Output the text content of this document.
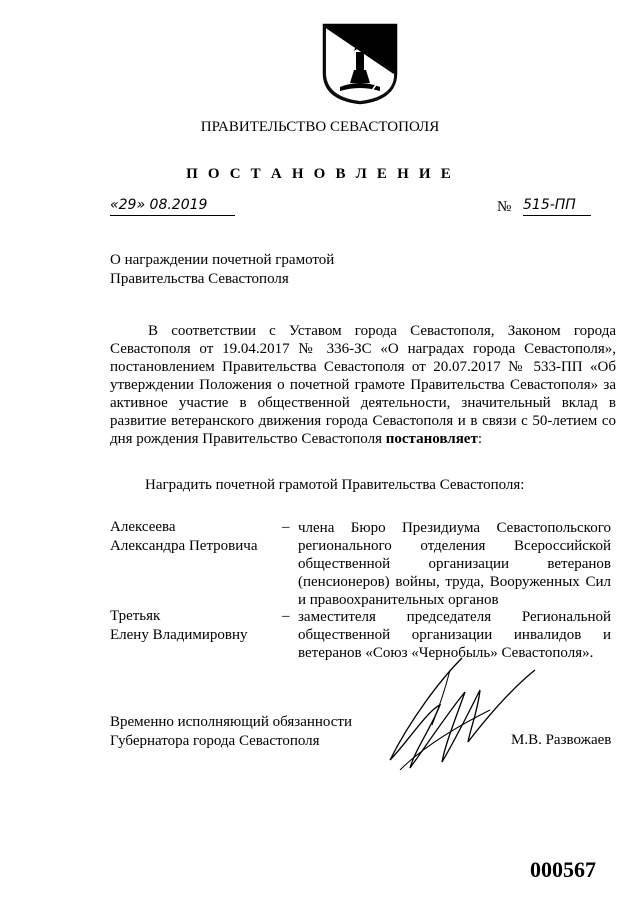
ПРАВИТЕЛЬСТВО СЕВАСТОПОЛЯ
П О С Т А Н О В Л Е Н И Е
«29» 08.2019	№ 515-ПП
О награждении почетной грамотой
Правительства Севастополя

В соответствии с Уставом города Севастополя, Законом города Севастополя от 19.04.2017 № 336-ЗС «О наградах города Севастополя», постановлением Правительства Севастополя от 20.07.2017 № 533-ПП «Об утверждении Положения о почетной грамоте Правительства Севастополя» за активное участие в общественной деятельности, значительный вклад в развитие ветеранского движения города Севастополя и в связи с 50-летием со дня рождения Правительство Севастополя постановляет:

Наградить почетной грамотой Правительства Севастополя:
Алексеева
Александра Петровича
– члена Бюро Президиума Севастопольского регионального отделения Всероссийской общественной организации ветеранов (пенсионеров) войны, труда, Вооруженных Сил и правоохранительных органов
Третьяк
Елену Владимировну
– заместителя председателя Региональной общественной организации инвалидов и ветеранов «Союз «Чернобыль» Севастополя».
Временно исполняющий обязанности
Губернатора города Севастополя	М.В. Развожаев
000567
